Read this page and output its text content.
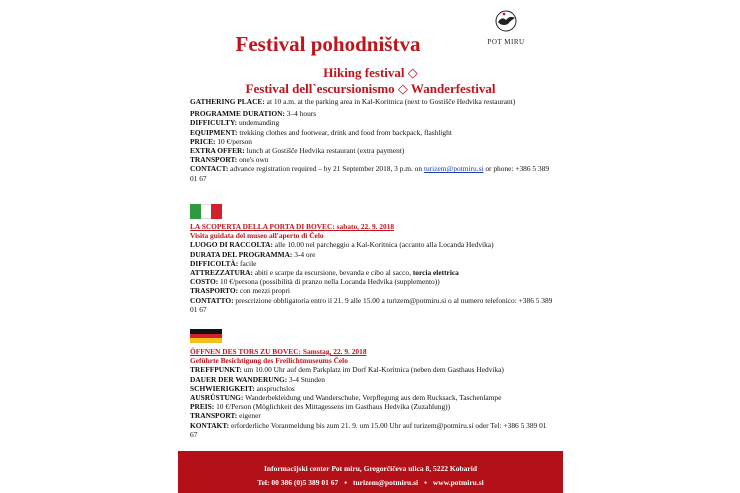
POT MIRU
Festival pohodništva
Hiking festival ◇
Festival dell`escursionismo ◇ Wanderfestival

GATHERING PLACE: at 10 a.m. at the parking area in Kal-Koritnica (next to Gostišče Hedvika restaurant)

PROGRAMME DURATION: 3–4 hours

DIFFICULTY: undemanding

EQUIPMENT: trekking clothes and footwear, drink and food from backpack, flashlight

PRICE: 10 €/person

EXTRA OFFER: lunch at Gostišče Hedvika restaurant (extra payment)

TRANSPORT: one's own

CONTACT: advance registration required – by 21 September 2018, 3 p.m. on turizem@potmiru.si or phone: +386 5 389 01 67

LA SCOPERTA DELLA PORTA DI BOVEC: sabato, 22. 9. 2018

Visita guidata del museo all'aperto di Čelo

LUOGO DI RACCOLTA: alle 10.00 nel parcheggio a Kal-Koritnica (accanto alla Locanda Hedvika)

DURATA DEL PROGRAMMA: 3-4 ore

DIFFICOLTÀ: facile

ATTREZZATURA: abiti e scarpe da escursione, bevanda e cibo al sacco, torcia elettrica

COSTO: 10 €/persona (possibilità di pranzo nella Locanda Hedvika (supplemento))

TRASPORTO: con mezzi propri

CONTATTO: prescrizione obbligatoria entro il 21. 9 alle 15.00 a turizem@potmiru.si o al numero telefonico: +386 5 389 01 67

ÖFFNEN DES TORS ZU BOVEC: Samstag, 22. 9. 2018

Geführte Besichtigung des Freilichtmuseums Čelo

TREFFPUNKT: um 10.00 Uhr auf dem Parkplatz im Dorf Kal-Koritnica (neben dem Gasthaus Hedvika)

DAUER DER WANDERUNG: 3-4 Stunden

SCHWIERIGKEIT: anspruchslos

AUSRÜSTUNG: Wanderbekleidung und Wanderschuhe, Verpflegung aus dem Rucksack, Taschenlampe

PREIS: 10 €/Person (Möglichkeit des Mittagessens im Gasthaus Hedvika (Zuzahlung))

TRANSPORT: eigener

KONTAKT: erforderliche Voranmeldung bis zum 21. 9. um 15.00 Uhr auf turizem@potmiru.si oder Tel: +386 5 389 01 67

Informacijski center Pot miru, Gregorčičeva ulica 8, 5222 Kobarid
Tel: 00 386 (0)5 389 01 67 ● turizem@potmiru.si ● www.potmiru.si
